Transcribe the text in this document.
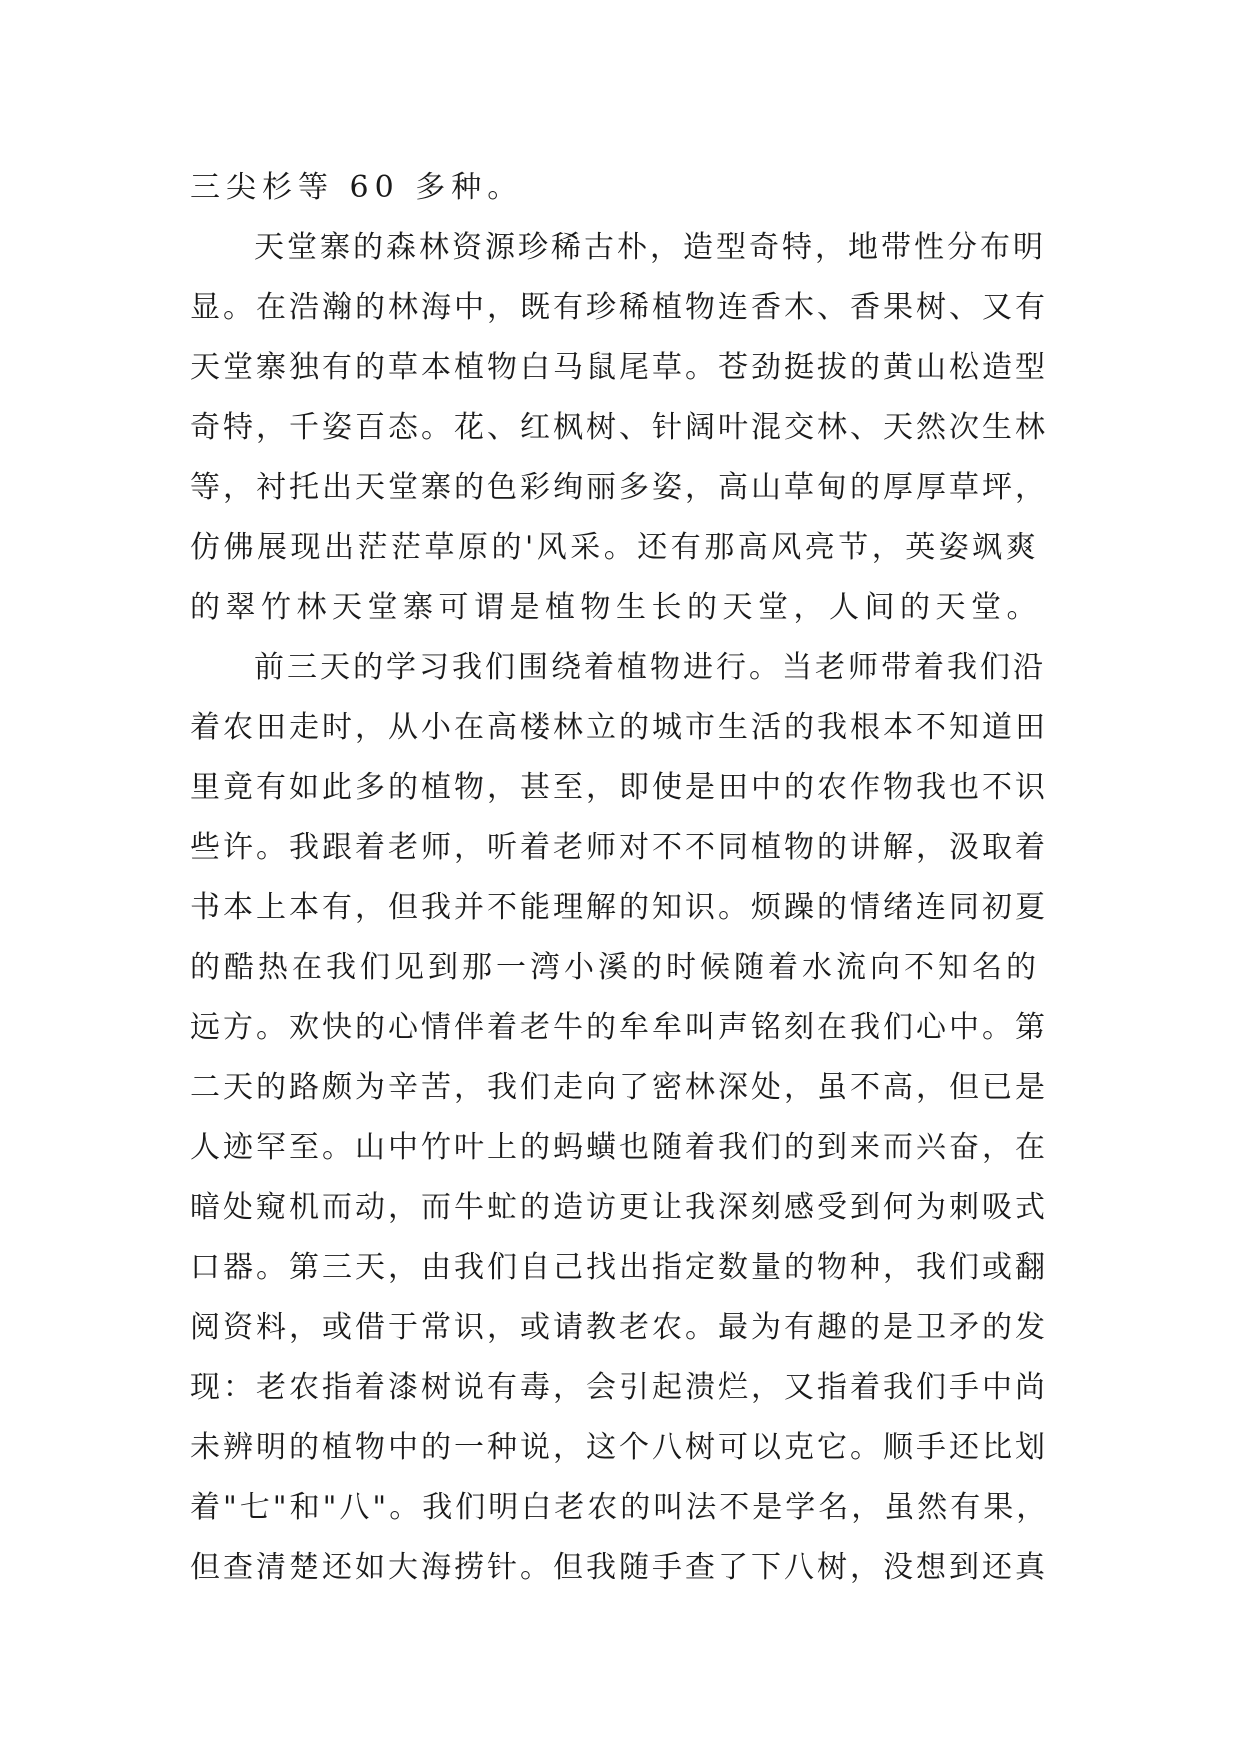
三尖杉等 60 多种。
天堂寨的森林资源珍稀古朴，造型奇特，地带性分布明
显。在浩瀚的林海中，既有珍稀植物连香木、香果树、又有
天堂寨独有的草本植物白马鼠尾草。苍劲挺拔的黄山松造型
奇特，千姿百态。花、红枫树、针阔叶混交林、天然次生林
等，衬托出天堂寨的色彩绚丽多姿，高山草甸的厚厚草坪，
仿佛展现出茫茫草原的'风采。还有那高风亮节，英姿飒爽
的翠竹林天堂寨可谓是植物生长的天堂，人间的天堂。
前三天的学习我们围绕着植物进行。当老师带着我们沿
着农田走时，从小在高楼林立的城市生活的我根本不知道田
里竟有如此多的植物，甚至，即使是田中的农作物我也不识
些许。我跟着老师，听着老师对不不同植物的讲解，汲取着
书本上本有，但我并不能理解的知识。烦躁的情绪连同初夏
的酷热在我们见到那一湾小溪的时候随着水流向不知名的
远方。欢快的心情伴着老牛的牟牟叫声铭刻在我们心中。第
二天的路颇为辛苦，我们走向了密林深处，虽不高，但已是
人迹罕至。山中竹叶上的蚂蟥也随着我们的到来而兴奋，在
暗处窥机而动，而牛虻的造访更让我深刻感受到何为刺吸式
口器。第三天，由我们自己找出指定数量的物种，我们或翻
阅资料，或借于常识，或请教老农。最为有趣的是卫矛的发
现：老农指着漆树说有毒，会引起溃烂，又指着我们手中尚
未辨明的植物中的一种说，这个八树可以克它。顺手还比划
着"七"和"八"。我们明白老农的叫法不是学名，虽然有果，
但查清楚还如大海捞针。但我随手查了下八树，没想到还真
